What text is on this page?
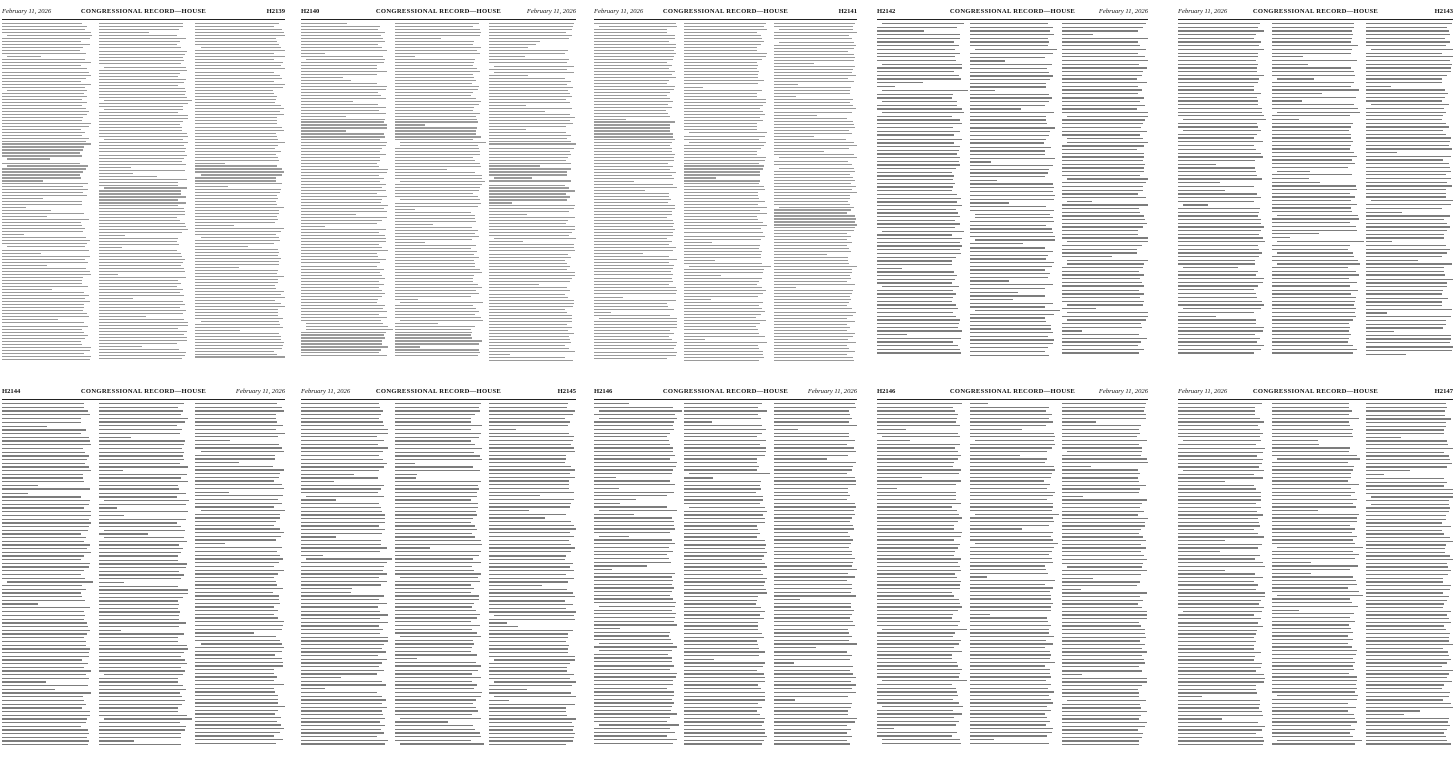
February 11, 2026	CONGRESSIONAL RECORD—HOUSE	H2139 H2140	CONGRESSIONAL RECORD—HOUSE	February 11, 2026	February 11, 2026	CONGRESSIONAL RECORD—HOUSE	H2141	H2142	CONGRESSIONAL RECORD—HOUSE	February 11, 2026	February 11, 2026	CONGRESSIONAL RECORD—HOUSE	H2143
H2144	CONGRESSIONAL RECORD—HOUSE	February 11, 2026 February 11, 2026	CONGRESSIONAL RECORD—HOUSE	H2145	H2146	CONGRESSIONAL RECORD—HOUSE	February 11, 2026	H2146	CONGRESSIONAL RECORD—HOUSE	February 11, 2026	February 11, 2026	CONGRESSIONAL RECORD—HOUSE	H2147
